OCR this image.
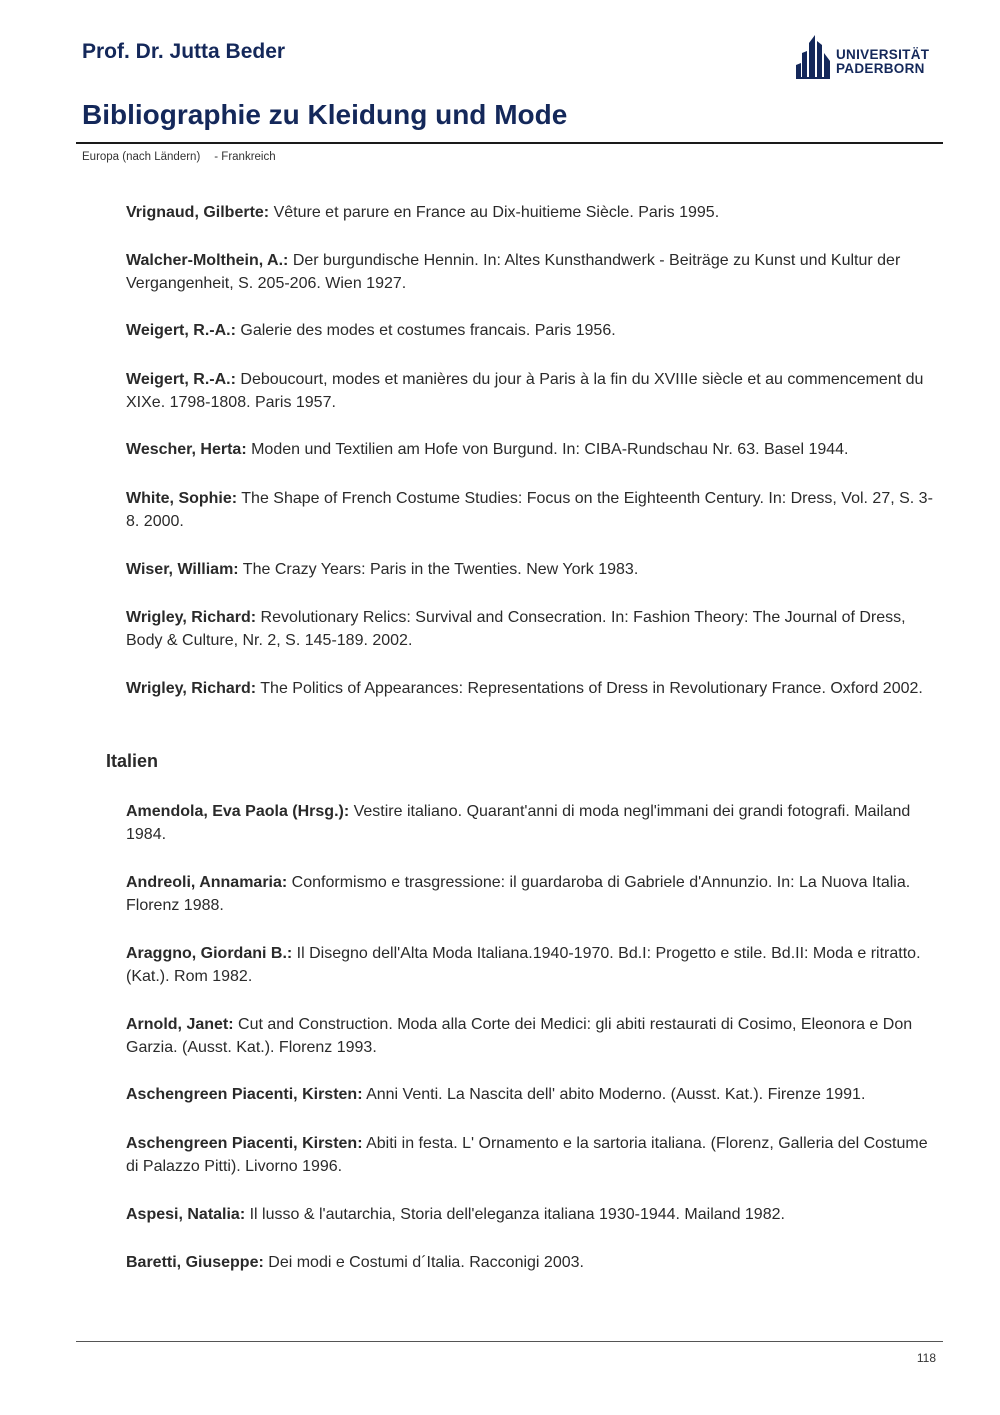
Prof. Dr. Jutta Beder	UNIVERSITÄT
PADERBORN
Bibliographie zu Kleidung und Mode
Europa (nach Ländern) - Frankreich
Vrignaud, Gilberte: Vêture et parure en France au Dix-huitieme Siècle. Paris 1995.
Walcher-Molthein, A.: Der burgundische Hennin. In: Altes Kunsthandwerk - Beiträge zu Kunst und Kultur der Vergangenheit, S. 205-206. Wien 1927.
Weigert, R.-A.: Galerie des modes et costumes francais. Paris 1956.
Weigert, R.-A.: Deboucourt, modes et manières du jour à Paris à la fin du XVIIIe siècle et au commencement du XIXe. 1798-1808. Paris 1957.
Wescher, Herta: Moden und Textilien am Hofe von Burgund. In: CIBA-Rundschau Nr. 63. Basel 1944.
White, Sophie: The Shape of French Costume Studies: Focus on the Eighteenth Century. In: Dress, Vol. 27, S. 3-8. 2000.
Wiser, William: The Crazy Years: Paris in the Twenties. New York 1983.
Wrigley, Richard: Revolutionary Relics: Survival and Consecration. In: Fashion Theory: The Journal of Dress, Body & Culture, Nr. 2, S. 145-189. 2002.
Wrigley, Richard: The Politics of Appearances: Representations of Dress in Revolutionary France. Oxford 2002.
Italien
Amendola, Eva Paola (Hrsg.): Vestire italiano. Quarant'anni di moda negl'immani dei grandi fotografi. Mailand 1984.
Andreoli, Annamaria: Conformismo e trasgressione: il guardaroba di Gabriele d'Annunzio. In: La Nuova Italia. Florenz 1988.
Araggno, Giordani B.: Il Disegno dell'Alta Moda Italiana.1940-1970. Bd.I: Progetto e stile. Bd.II: Moda e ritratto. (Kat.). Rom 1982.
Arnold, Janet: Cut and Construction. Moda alla Corte dei Medici: gli abiti restaurati di Cosimo, Eleonora e Don Garzia. (Ausst. Kat.). Florenz 1993.
Aschengreen Piacenti, Kirsten: Anni Venti. La Nascita dell' abito Moderno. (Ausst. Kat.). Firenze 1991.
Aschengreen Piacenti, Kirsten: Abiti in festa. L' Ornamento e la sartoria italiana. (Florenz, Galleria del Costume di Palazzo Pitti). Livorno 1996.
Aspesi, Natalia: Il lusso & l'autarchia, Storia dell'eleganza italiana 1930-1944. Mailand 1982.
Baretti, Giuseppe: Dei modi e Costumi d´Italia. Racconigi 2003.
118
